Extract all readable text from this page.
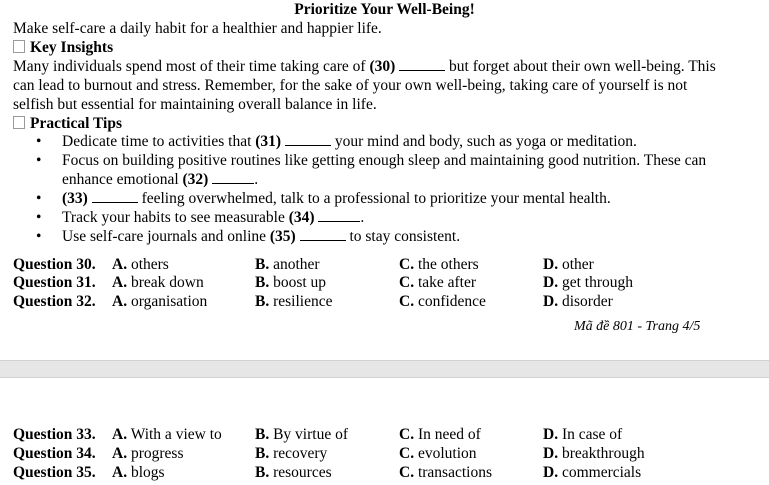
Prioritize Your Well-Being!
Make self-care a daily habit for a healthier and happier life.
Key Insights
Many individuals spend most of their time taking care of (30)	but forget about their own well-being. This can lead to burnout and stress. Remember, for the sake of your own well-being, taking care of yourself is not selfish but essential for maintaining overall balance in life.
Practical Tips
• Dedicate time to activities that (31)	your mind and body, such as yoga or meditation.
• Focus on building positive routines like getting enough sleep and maintaining good nutrition. These can enhance emotional (32)	.
• (33)	feeling overwhelmed, talk to a professional to prioritize your mental health.
• Track your habits to see measurable (34)	.
• Use self-care journals and online (35)	to stay consistent.
Question 30. A. others	B. another	C. the others	D. other
Question 31. A. break down	B. boost up	C. take after	D. get through
Question 32. A. organisation	B. resilience	C. confidence	D. disorder
Mã đề 801 - Trang 4/5
Question 33. A. With a view to B. By virtue of	C. In need of	D. In case of
Question 34. A. progress	B. recovery	C. evolution	D. breakthrough
Question 35. A. blogs	B. resources	C. transactions	D. commercials
